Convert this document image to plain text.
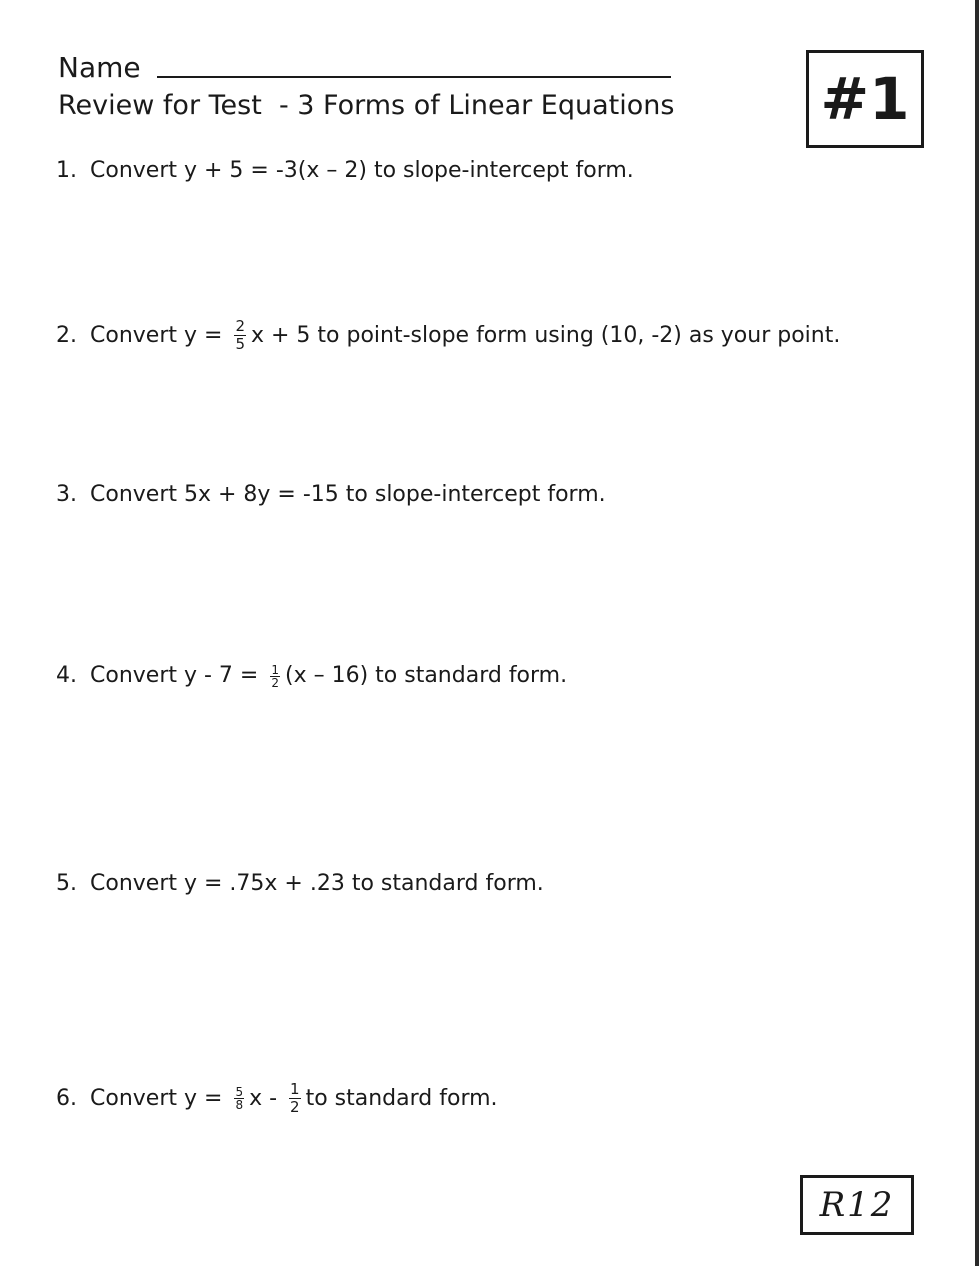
Name
Review for Test  - 3 Forms of Linear Equations	#1
1. Convert y + 5 = -3(x – 2) to slope-intercept form.
2. Convert $y = \frac{2}{5}$ x + 5 to point-slope form using (10, -2) as your point.
3. Convert 5x + 8y = -15 to slope-intercept form.
4. Convert $y - 7 = \frac{1}{2} (x - 16)$ to standard form.
5. Convert y = .75x + .23 to standard form.
6. Convert $y = \frac{5}{8}$ x - $\frac{1}{2}$ to standard form.
R12
